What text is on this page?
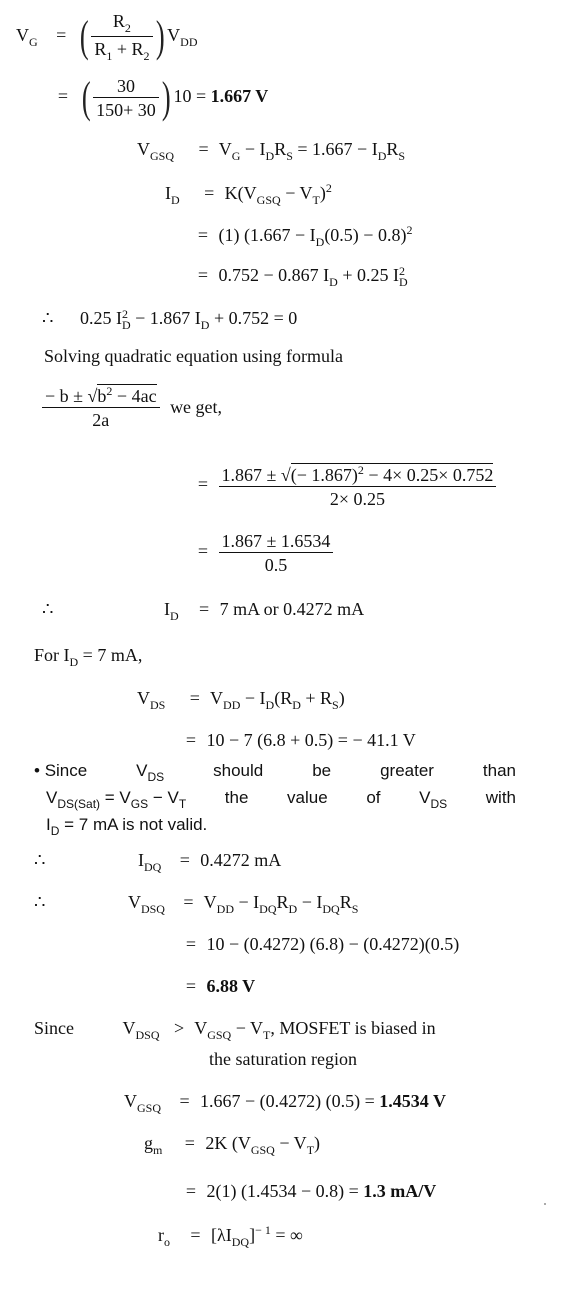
$V_G$ = ( $\frac{R_2}{R_1 + R_2}$ ) $V_{DD}$
= ( $\frac{30}{150+ 30}$ ) 10 = 1.667 V
$V_{GSQ} = V_G - I_DR_S = 1.667 - I_DR_S$
$I_D = K(V_{GSQ} - V_T)^2$
= (1) $(1.667 - I_D(0.5) - 0.8)^2$
= 0.752 − 0.867 $I_D + 0.25$ I 2
D
∴ 0.25 I 2
D − 1.867 $I_D + 0.752 = 0$
Solving quadratic equation using formula
$\frac{- b \pm √b^2 - 4ac}{2a}$ we get,
= $\frac{1.867 \pm √(- 1.867)^2 - 4\times 0.25\times 0.752}{2\times 0.25}$
= $\frac{1.867 \pm 1.6534}{0.5}$
∴	$I_D = 7$ mA or 0.4272 mA
For $I_D = 7$ mA,
$V_{DS} = V_{DD} - I_D(R_D + R_S)$
= 10 − 7 (6.8 + 0.5) = − 41.1 V
• Since	$V_{DS}$	should	be	greater	than
$V_{DS(Sat)} = V_{GS} - V_T$ the value of $V_{DS}$ with
$I_D = 7$ mA is not valid.
∴	$I_{DQ} = 0.4272$ mA
∴	$V_{DSQ} = V_{DD} - I_{DQ}R_D - I_{DQ}R_S$
= 10 − (0.4272) (6.8) − (0.4272)(0.5)
= 6.88 V
Since	$V_{DSQ} > V_{GSQ} - V_T$, MOSFET is biased in
the saturation region
$V_{GSQ} = 1.667 - (0.4272) (0.5) = 1.4534$ V
$g_m = 2K$ $(V_{GSQ} - V_T)$
= 2(1) (1.4534 − 0.8) = 1.3 mA/V
$r_o = [\lambda I_{DQ}]^{- 1}$ = ∞
